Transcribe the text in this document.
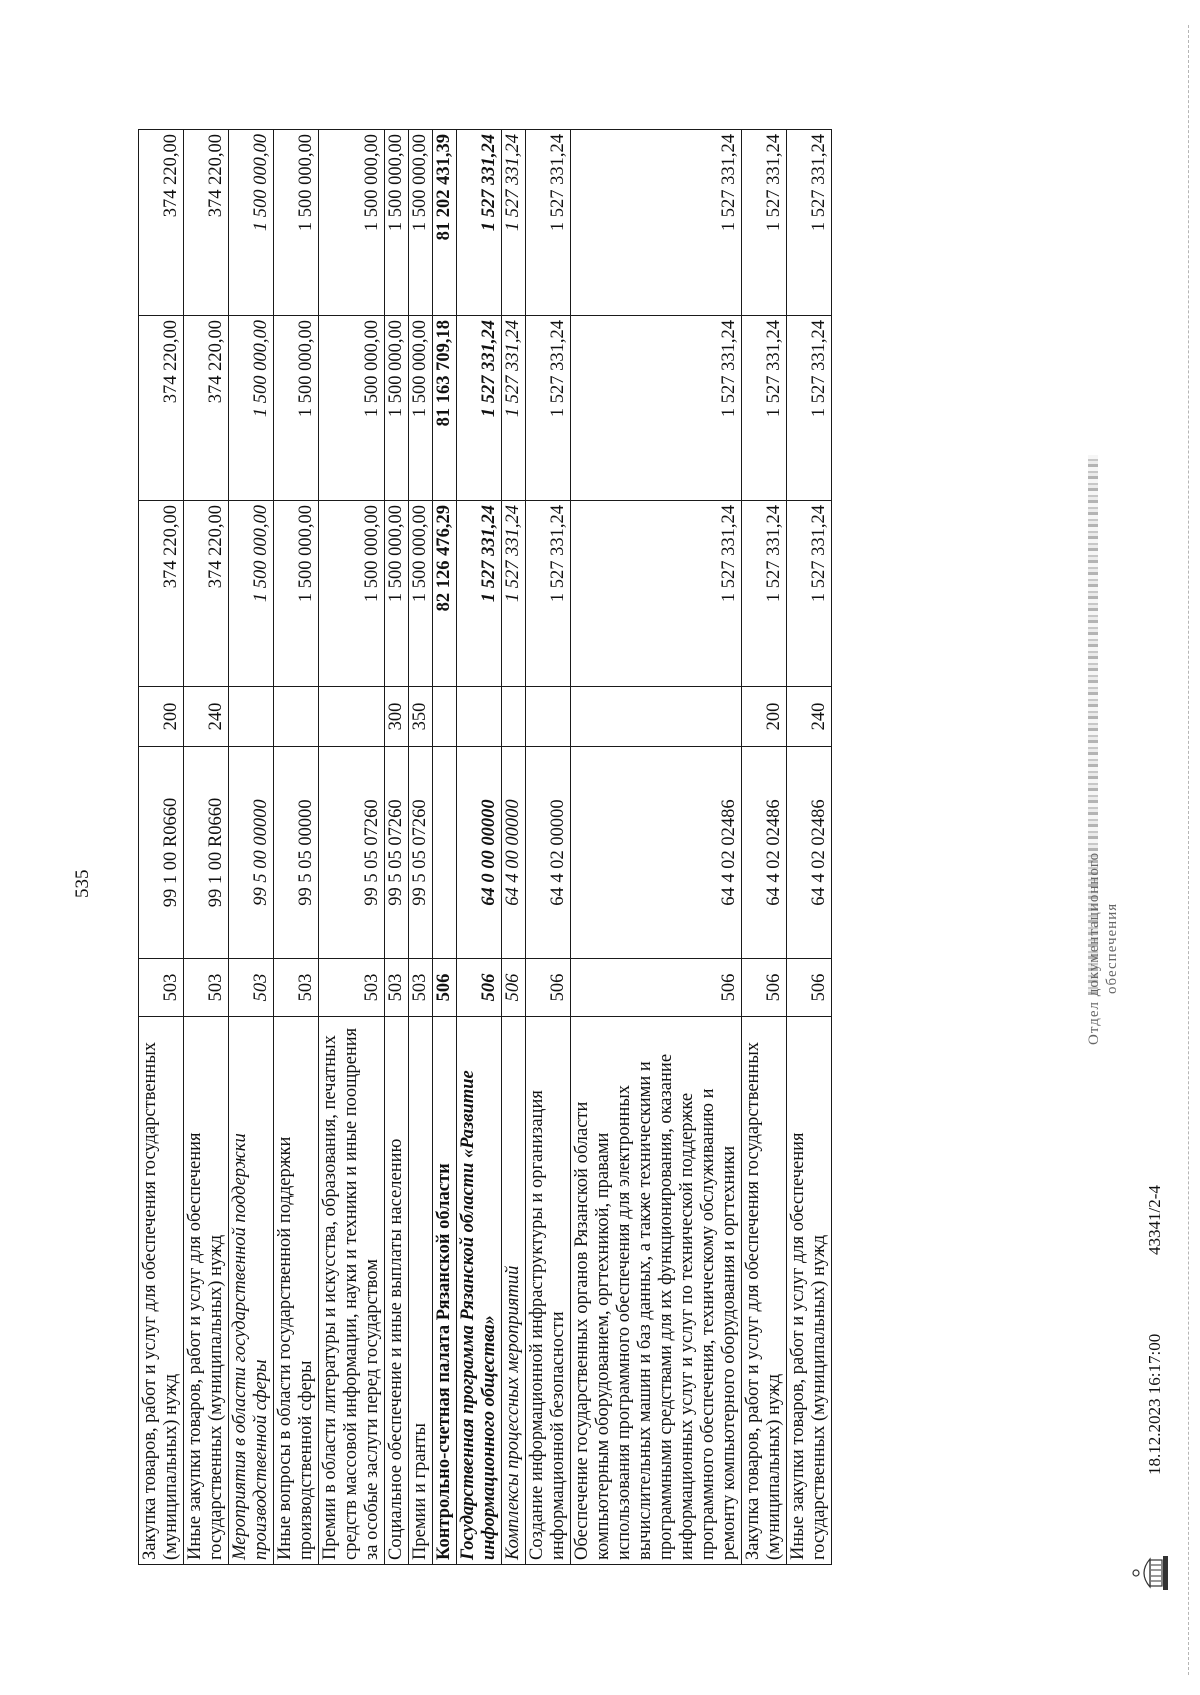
535
Закупка товаров, работ и услуг для обеспечения государственных (муниципальных) нужд	503	99 1 00 R0660	200	374 220,00	374 220,00	374 220,00
Иные закупки товаров, работ и услуг для обеспечения государственных (муниципальных) нужд	503	99 1 00 R0660	240	374 220,00	374 220,00	374 220,00
Мероприятия в области государственной поддержки производственной сферы	503	99 5 00 00000		1 500 000,00	1 500 000,00	1 500 000,00
Иные вопросы в области государственной поддержки производственной сферы	503	99 5 05 00000		1 500 000,00	1 500 000,00	1 500 000,00
Премии в области литературы и искусства, образования, печатных средств массовой информации, науки и техники и иные поощрения за особые заслуги перед государством	503	99 5 05 07260		1 500 000,00	1 500 000,00	1 500 000,00
Социальное обеспечение и иные выплаты населению	503	99 5 05 07260	300	1 500 000,00	1 500 000,00	1 500 000,00
Премии и гранты	503	99 5 05 07260	350	1 500 000,00	1 500 000,00	1 500 000,00
Контрольно-счетная палата Рязанской области	506			82 126 476,29	81 163 709,18	81 202 431,39
Государственная программа Рязанской области «Развитие информационного общества»	506	64 0 00 00000		1 527 331,24	1 527 331,24	1 527 331,24
Комплексы процессных мероприятий	506	64 4 00 00000		1 527 331,24	1 527 331,24	1 527 331,24
Создание информационной инфраструктуры и организация информационной безопасности	506	64 4 02 00000		1 527 331,24	1 527 331,24	1 527 331,24
Обеспечение государственных органов Рязанской области компьютерным оборудованием, оргтехникой, правами использования программного обеспечения для электронных вычислительных машин и баз данных, а также техническими и программными средствами для их функционирования, оказание информационных услуг и услуг по технической поддержке программного обеспечения, техническому обслуживанию и ремонту компьютерного оборудования и оргтехники	506	64 4 02 02486		1 527 331,24	1 527 331,24	1 527 331,24
Закупка товаров, работ и услуг для обеспечения государственных (муниципальных) нужд	506	64 4 02 02486	200	1 527 331,24	1 527 331,24	1 527 331,24
Иные закупки товаров, работ и услуг для обеспечения государственных (муниципальных) нужд	506	64 4 02 02486	240	1 527 331,24	1 527 331,24	1 527 331,24
18.12.2023 16:17:00
43341/2-4
Отдел документационного обеспечения
